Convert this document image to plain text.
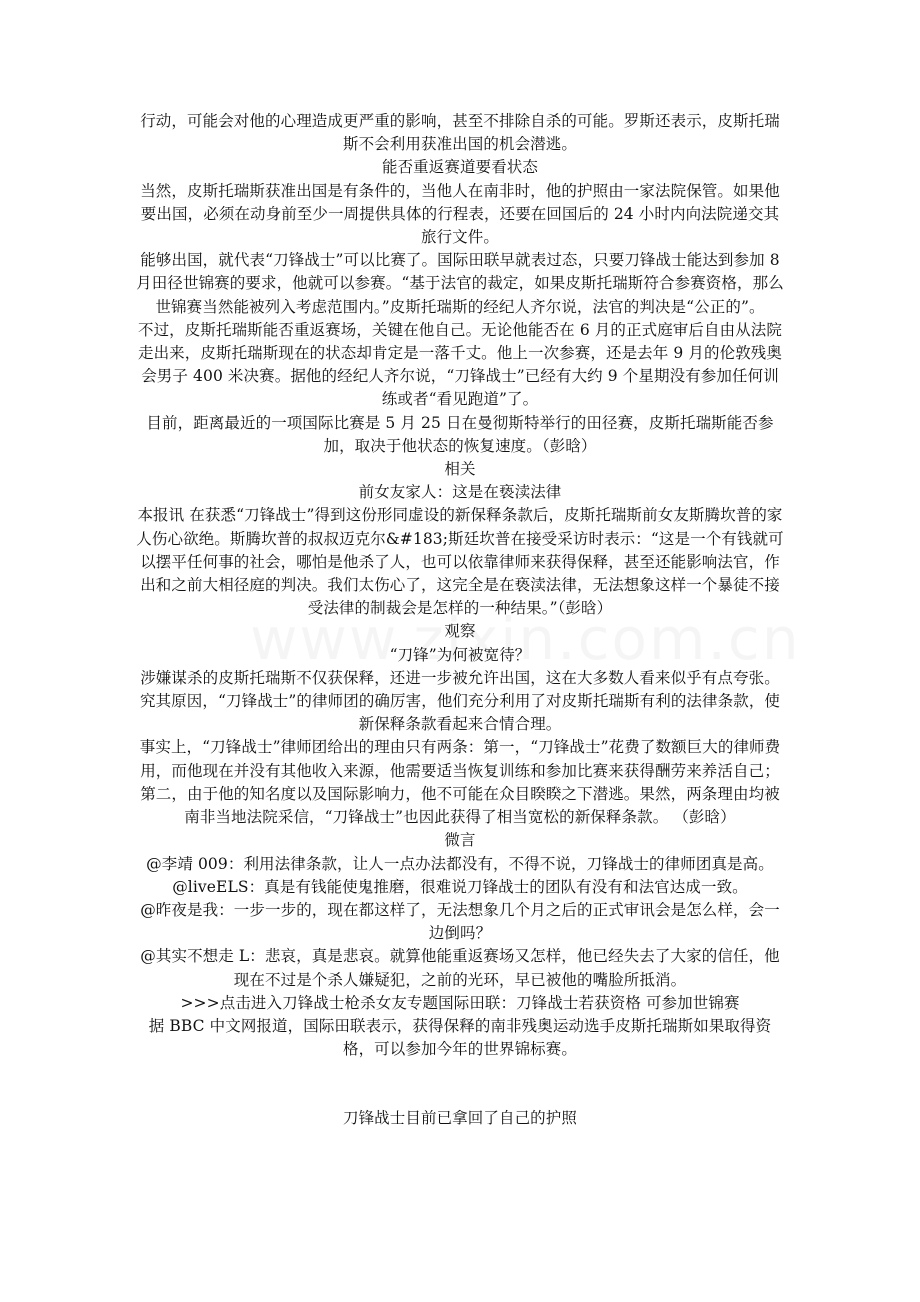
行动，可能会对他的心理造成更严重的影响，甚至不排除自杀的可能。罗斯还表示，皮斯托瑞斯不会利用获准出国的机会潜逃。

能否重返赛道要看状态

当然，皮斯托瑞斯获准出国是有条件的，当他人在南非时，他的护照由一家法院保管。如果他要出国，必须在动身前至少一周提供具体的行程表，还要在回国后的 24 小时内向法院递交其旅行文件。

能够出国，就代表“刀锋战士”可以比赛了。国际田联早就表过态，只要刀锋战士能达到参加 8 月田径世锦赛的要求，他就可以参赛。“基于法官的裁定，如果皮斯托瑞斯符合参赛资格，那么世锦赛当然能被列入考虑范围内。”皮斯托瑞斯的经纪人齐尔说，法官的判决是“公正的”。

不过，皮斯托瑞斯能否重返赛场，关键在他自己。无论他能否在 6 月的正式庭审后自由从法院走出来，皮斯托瑞斯现在的状态却肯定是一落千丈。他上一次参赛，还是去年 9 月的伦敦残奥会男子 400 米决赛。据他的经纪人齐尔说，“刀锋战士”已经有大约 9 个星期没有参加任何训练或者“看见跑道”了。

目前，距离最近的一项国际比赛是 5 月 25 日在曼彻斯特举行的田径赛，皮斯托瑞斯能否参加，取决于他状态的恢复速度。（彭晗）

相关

前女友家人：这是在亵渎法律

本报讯 在获悉“刀锋战士”得到这份形同虚设的新保释条款后，皮斯托瑞斯前女友斯腾坎普的家人伤心欲绝。斯腾坎普的叔叔迈克尔&#183;斯廷坎普在接受采访时表示：“这是一个有钱就可以摆平任何事的社会，哪怕是他杀了人，也可以依靠律师来获得保释，甚至还能影响法官，作出和之前大相径庭的判决。我们太伤心了，这完全是在亵渎法律，无法想象这样一个暴徒不接受法律的制裁会是怎样的一种结果。”（彭晗）

观察

“刀锋”为何被宽待？

涉嫌谋杀的皮斯托瑞斯不仅获保释，还进一步被允许出国，这在大多数人看来似乎有点夸张。究其原因，“刀锋战士”的律师团的确厉害，他们充分利用了对皮斯托瑞斯有利的法律条款，使新保释条款看起来合情合理。

事实上，“刀锋战士”律师团给出的理由只有两条：第一，“刀锋战士”花费了数额巨大的律师费用，而他现在并没有其他收入来源，他需要适当恢复训练和参加比赛来获得酬劳来养活自己；第二，由于他的知名度以及国际影响力，他不可能在众目睽睽之下潜逃。果然，两条理由均被南非当地法院采信，“刀锋战士”也因此获得了相当宽松的新保释条款。 （彭晗）

微言

@李靖 009：利用法律条款，让人一点办法都没有，不得不说，刀锋战士的律师团真是高。

@liveELS：真是有钱能使鬼推磨，很难说刀锋战士的团队有没有和法官达成一致。

@昨夜是我：一步一步的，现在都这样了，无法想象几个月之后的正式审讯会是怎么样，会一边倒吗？

@其实不想走 L：悲哀，真是悲哀。就算他能重返赛场又怎样，他已经失去了大家的信任，他现在不过是个杀人嫌疑犯，之前的光环，早已被他的嘴脸所抵消。

>>>点击进入刀锋战士枪杀女友专题国际田联：刀锋战士若获资格 可参加世锦赛

据 BBC 中文网报道，国际田联表示，获得保释的南非残奥运动选手皮斯托瑞斯如果取得资格，可以参加今年的世界锦标赛。

刀锋战士目前已拿回了自己的护照
